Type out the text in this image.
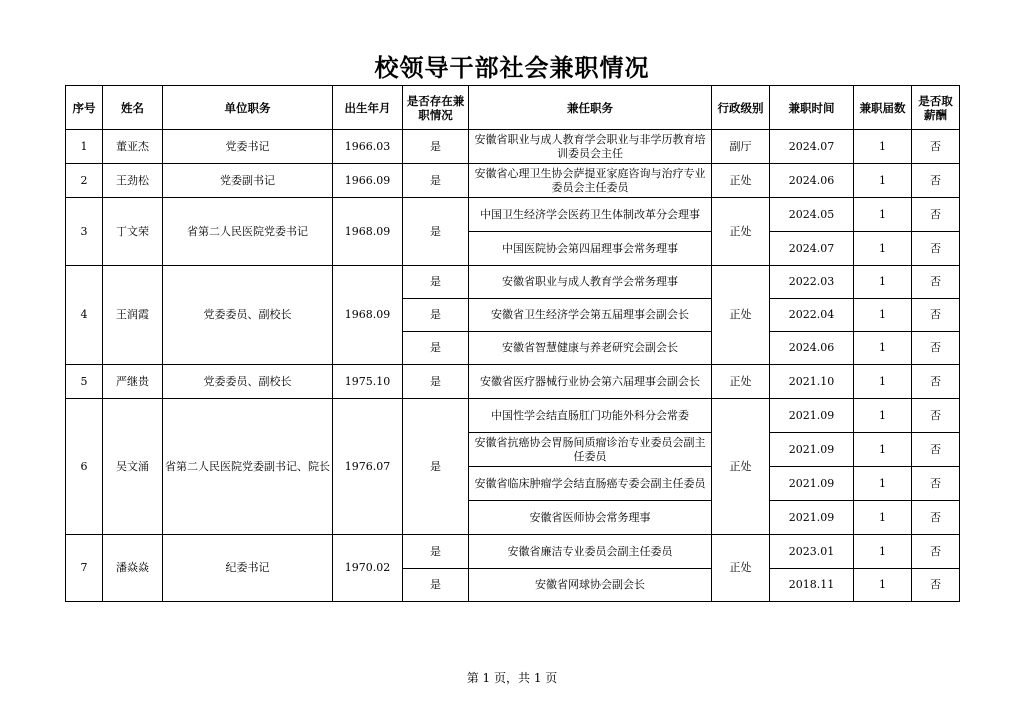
校领导干部社会兼职情况
序号	姓名	单位职务	出生年月	是否存在兼职情况	兼任职务	行政级别	兼职时间	兼职届数	是否取薪酬
1	董亚杰	党委书记	1966.03	是	安徽省职业与成人教育学会职业与非学历教育培训委员会主任	副厅	2024.07	1	否
2	王劲松	党委副书记	1966.09	是	安徽省心理卫生协会萨提亚家庭咨询与治疗专业委员会主任委员	正处	2024.06	1	否
3	丁文荣	省第二人民医院党委书记	1968.09	是	中国卫生经济学会医药卫生体制改革分会理事	正处	2024.05	1	否
					中国医院协会第四届理事会常务理事		2024.07	1	否
4	王润霞	党委委员、副校长	1968.09	是	安徽省职业与成人教育学会常务理事	正处	2022.03	1	否
				是	安徽省卫生经济学会第五届理事会副会长		2022.04	1	否
				是	安徽省智慧健康与养老研究会副会长		2024.06	1	否
5	严继贵	党委委员、副校长	1975.10	是	安徽省医疗器械行业协会第六届理事会副会长	正处	2021.10	1	否
6	吴文涌	省第二人民医院党委副书记、院长	1976.07	是	中国性学会结直肠肛门功能外科分会常委	正处	2021.09	1	否
					安徽省抗癌协会胃肠间质瘤诊治专业委员会副主任委员		2021.09	1	否
					安徽省临床肿瘤学会结直肠癌专委会副主任委员		2021.09	1	否
					安徽省医师协会常务理事		2021.09	1	否
7	潘焱焱	纪委书记	1970.02	是	安徽省廉洁专业委员会副主任委员	正处	2023.01	1	否
				是	安徽省网球协会副会长		2018.11	1	否
第 1 页，共 1 页
